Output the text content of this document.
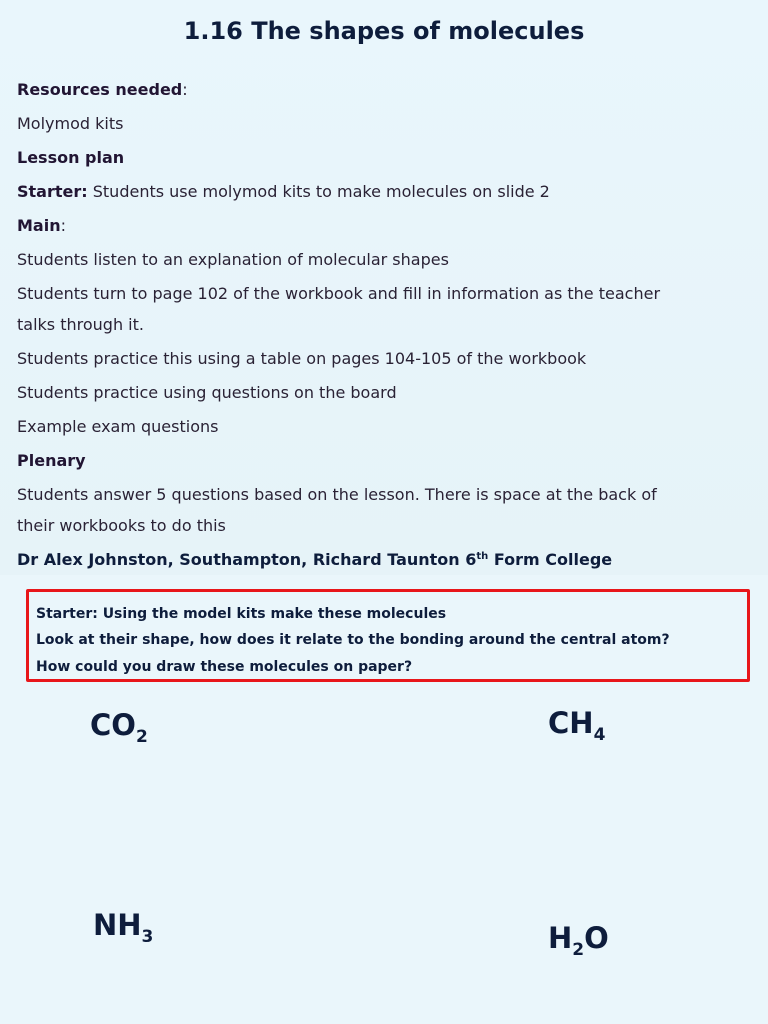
1.16 The shapes of molecules
Resources needed:
Molymod kits
Lesson plan
Starter: Students use molymod kits to make molecules on slide 2
Main:
Students listen to an explanation of molecular shapes
Students turn to page 102 of the workbook and fill in information as the teacher
talks through it.
Students practice this using a table on pages 104-105 of the workbook
Students practice using questions on the board
Example exam questions
Plenary
Students answer 5 questions based on the lesson. There is space at the back of
their workbooks to do this
Dr Alex Johnston, Southampton, Richard Taunton 6th Form College
Starter: Using the model kits make these molecules
Look at their shape, how does it relate to the bonding around the central atom?
How could you draw these molecules on paper?
$CO_2$	$CH_4$
$NH_3$	$H_2O$
